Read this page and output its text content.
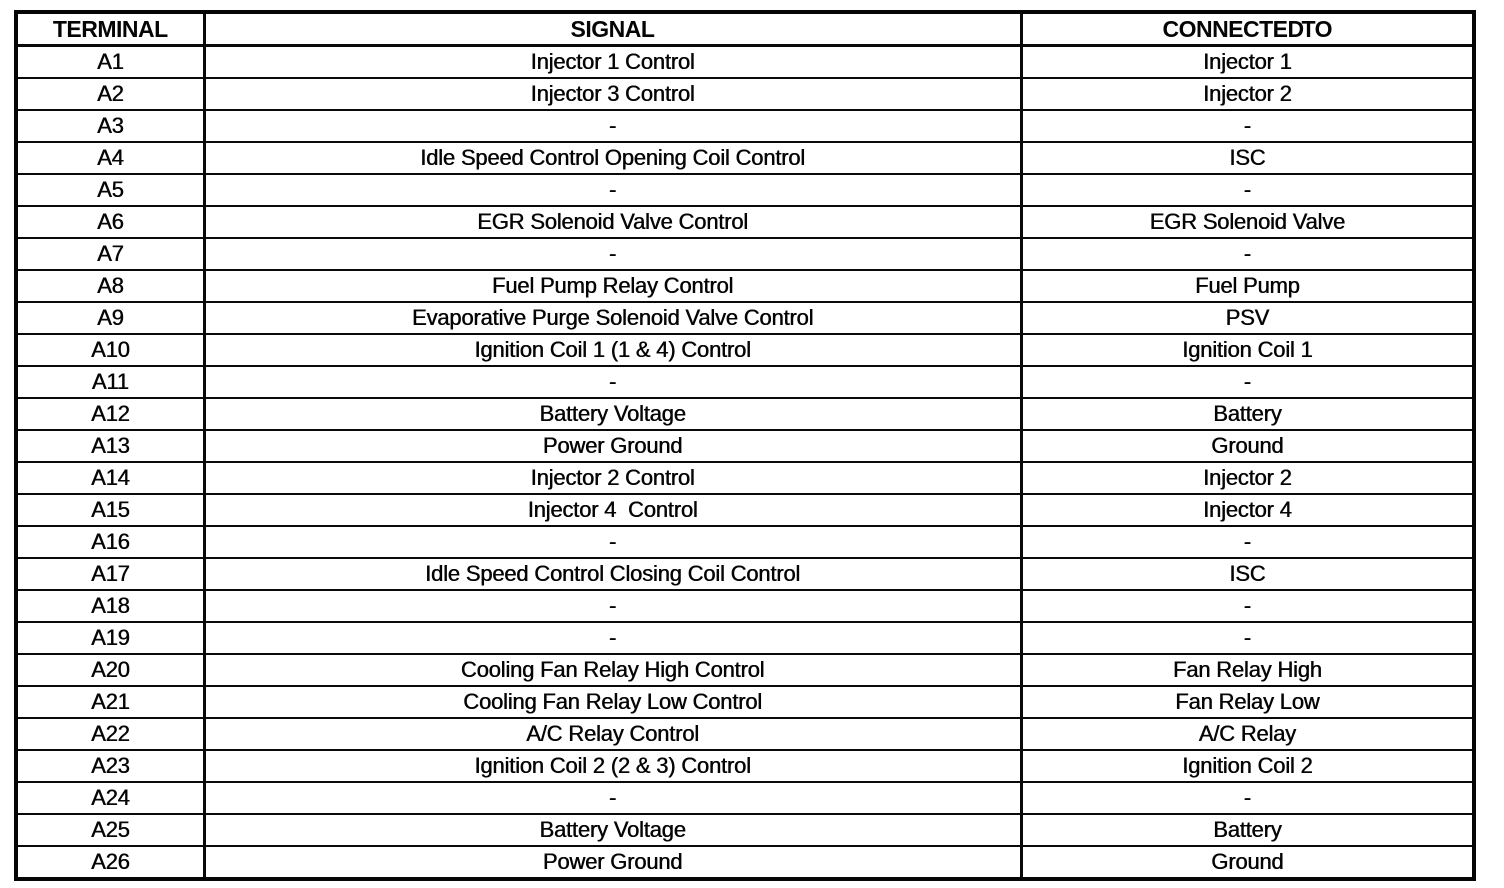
TERMINAL	SIGNAL	CONNECTED TO
A1	Injector 1 Control	Injector 1
A2	Injector 3 Control	Injector 2
A3	-	-
A4	Idle Speed Control Opening Coil Control	ISC
A5	-	-
A6	EGR Solenoid Valve Control	EGR Solenoid Valve
A7	-	-
A8	Fuel Pump Relay Control	Fuel Pump
A9	Evaporative Purge Solenoid Valve Control	PSV
A10	Ignition Coil 1 (1 & 4) Control	Ignition Coil 1
A11	-	-
A12	Battery Voltage	Battery
A13	Power Ground	Ground
A14	Injector 2 Control	Injector 2
A15	Injector 4  Control	Injector 4
A16	-	-
A17	Idle Speed Control Closing Coil Control	ISC
A18	-	-
A19	-	-
A20	Cooling Fan Relay High Control	Fan Relay High
A21	Cooling Fan Relay Low Control	Fan Relay Low
A22	A/C Relay Control	A/C Relay
A23	Ignition Coil 2 (2 & 3) Control	Ignition Coil 2
A24	-	-
A25	Battery Voltage	Battery
A26	Power Ground	Ground
